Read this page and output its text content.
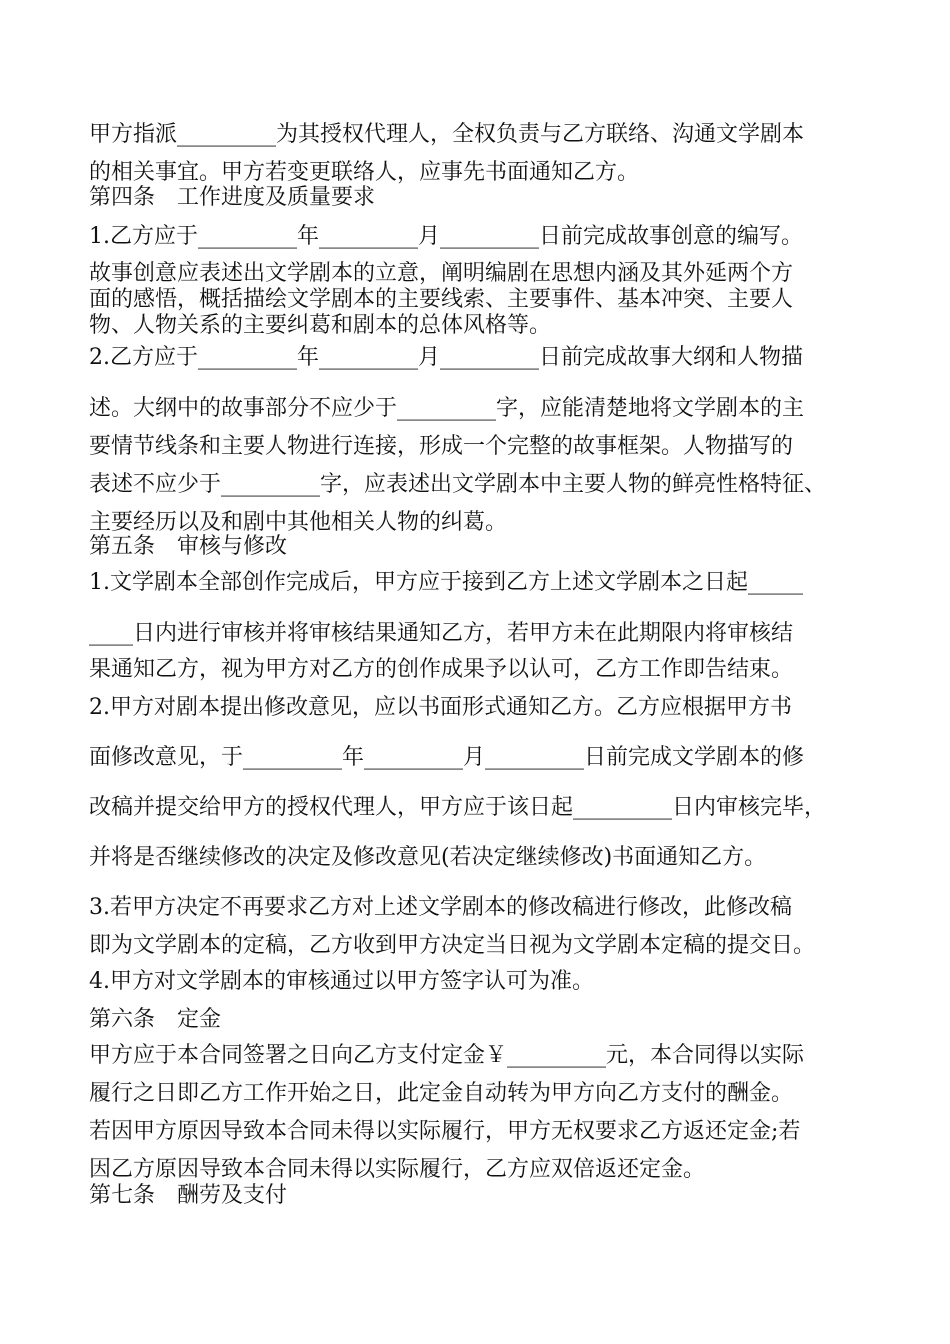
甲方指派_________为其授权代理人，全权负责与乙方联络、沟通文学剧本

的相关事宜。甲方若变更联络人，应事先书面通知乙方。

第四条　工作进度及质量要求

1.乙方应于_________年_________月_________日前完成故事创意的编写。

故事创意应表述出文学剧本的立意，阐明编剧在思想内涵及其外延两个方

面的感悟，概括描绘文学剧本的主要线索、主要事件、基本冲突、主要人

物、人物关系的主要纠葛和剧本的总体风格等。

2.乙方应于_________年_________月_________日前完成故事大纲和人物描

述。大纲中的故事部分不应少于_________字，应能清楚地将文学剧本的主

要情节线条和主要人物进行连接，形成一个完整的故事框架。人物描写的

表述不应少于_________字，应表述出文学剧本中主要人物的鲜亮性格特征、

主要经历以及和剧中其他相关人物的纠葛。

第五条　审核与修改

1.文学剧本全部创作完成后，甲方应于接到乙方上述文学剧本之日起_____

____日内进行审核并将审核结果通知乙方，若甲方未在此期限内将审核结

果通知乙方，视为甲方对乙方的创作成果予以认可，乙方工作即告结束。

2.甲方对剧本提出修改意见，应以书面形式通知乙方。乙方应根据甲方书

面修改意见，于_________年_________月_________日前完成文学剧本的修

改稿并提交给甲方的授权代理人，甲方应于该日起_________日内审核完毕，

并将是否继续修改的决定及修改意见(若决定继续修改)书面通知乙方。

3.若甲方决定不再要求乙方对上述文学剧本的修改稿进行修改，此修改稿

即为文学剧本的定稿，乙方收到甲方决定当日视为文学剧本定稿的提交日。

4.甲方对文学剧本的审核通过以甲方签字认可为准。

第六条　定金

甲方应于本合同签署之日向乙方支付定金￥_________元，本合同得以实际

履行之日即乙方工作开始之日，此定金自动转为甲方向乙方支付的酬金。

若因甲方原因导致本合同未得以实际履行，甲方无权要求乙方返还定金;若

因乙方原因导致本合同未得以实际履行，乙方应双倍返还定金。

第七条　酬劳及支付
